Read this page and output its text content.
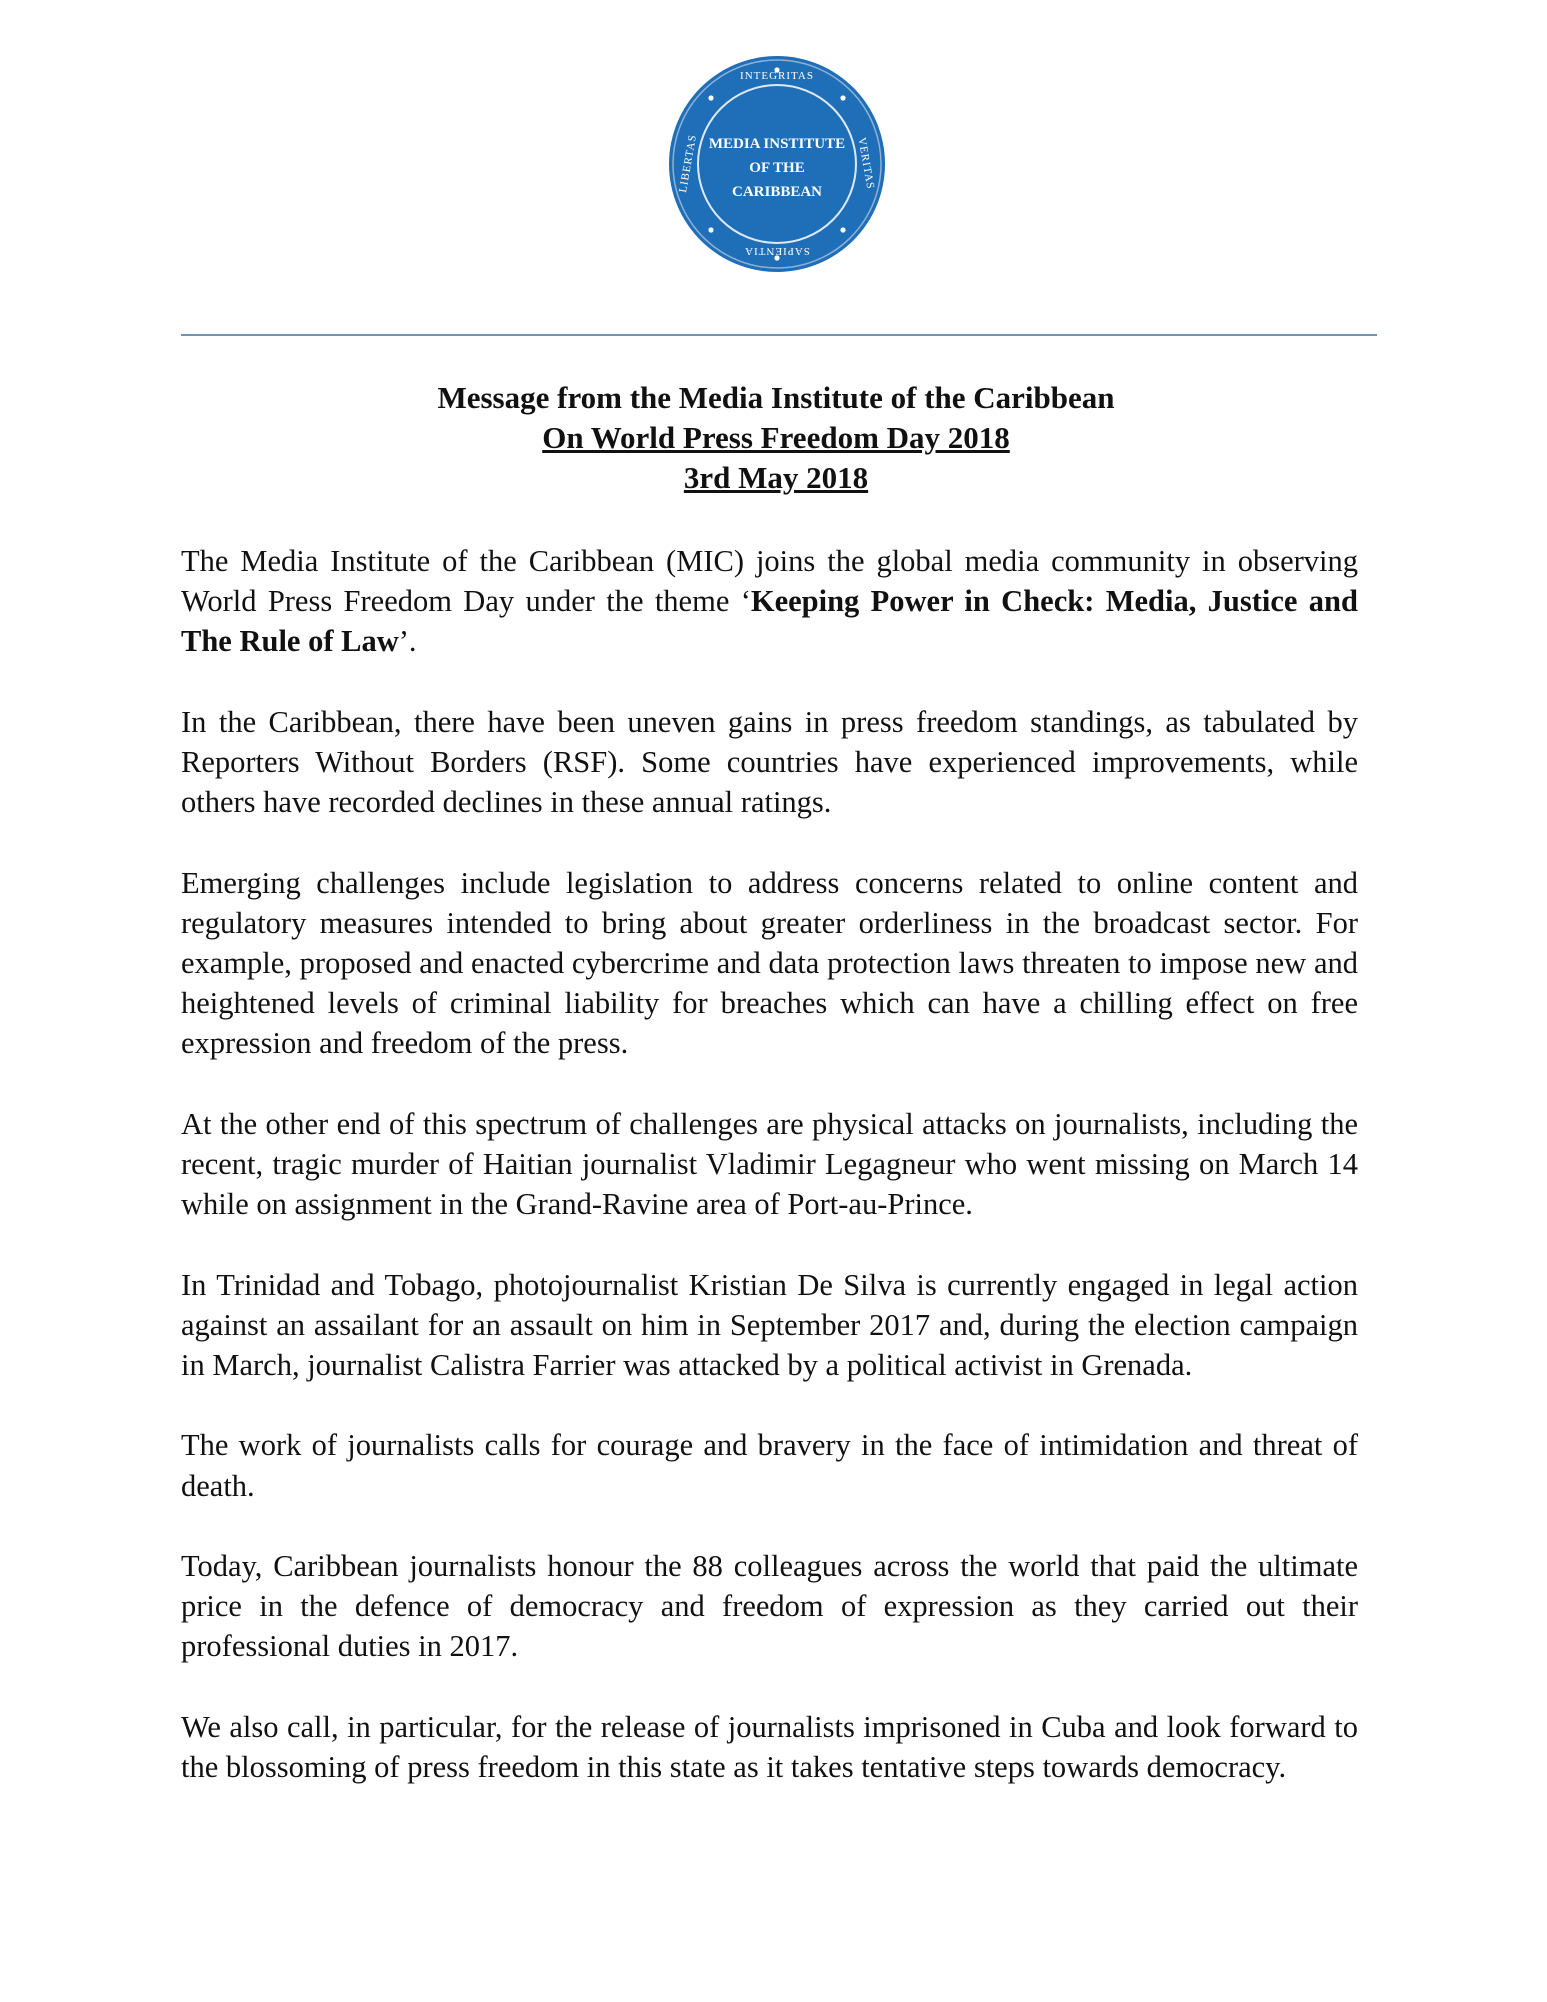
INTEGRITAS
SAPIENTIA
LIBERTAS	VERITAS
MEDIA INSTITUTE
OF THE
CARIBBEAN
Message from the Media Institute of the Caribbean
On World Press Freedom Day 2018
3rd May 2018

The Media Institute of the Caribbean (MIC) joins the global media community in observing World Press Freedom Day under the theme ‘Keeping Power in Check: Media, Justice and The Rule of Law’.

In the Caribbean, there have been uneven gains in press freedom standings, as tabulated by Reporters Without Borders (RSF). Some countries have experienced improvements, while others have recorded declines in these annual ratings.

Emerging challenges include legislation to address concerns related to online content and regulatory measures intended to bring about greater orderliness in the broadcast sector. For example, proposed and enacted cybercrime and data protection laws threaten to impose new and heightened levels of criminal liability for breaches which can have a chilling effect on free expression and freedom of the press.

At the other end of this spectrum of challenges are physical attacks on journalists, including the recent, tragic murder of Haitian journalist Vladimir Legagneur who went missing on March 14 while on assignment in the Grand-Ravine area of Port-au-Prince.

In Trinidad and Tobago, photojournalist Kristian De Silva is currently engaged in legal action against an assailant for an assault on him in September 2017 and, during the election campaign in March, journalist Calistra Farrier was attacked by a political activist in Grenada.

The work of journalists calls for courage and bravery in the face of intimidation and threat of death.

Today, Caribbean journalists honour the 88 colleagues across the world that paid the ultimate price in the defence of democracy and freedom of expression as they carried out their professional duties in 2017.

We also call, in particular, for the release of journalists imprisoned in Cuba and look forward to the blossoming of press freedom in this state as it takes tentative steps towards democracy.
